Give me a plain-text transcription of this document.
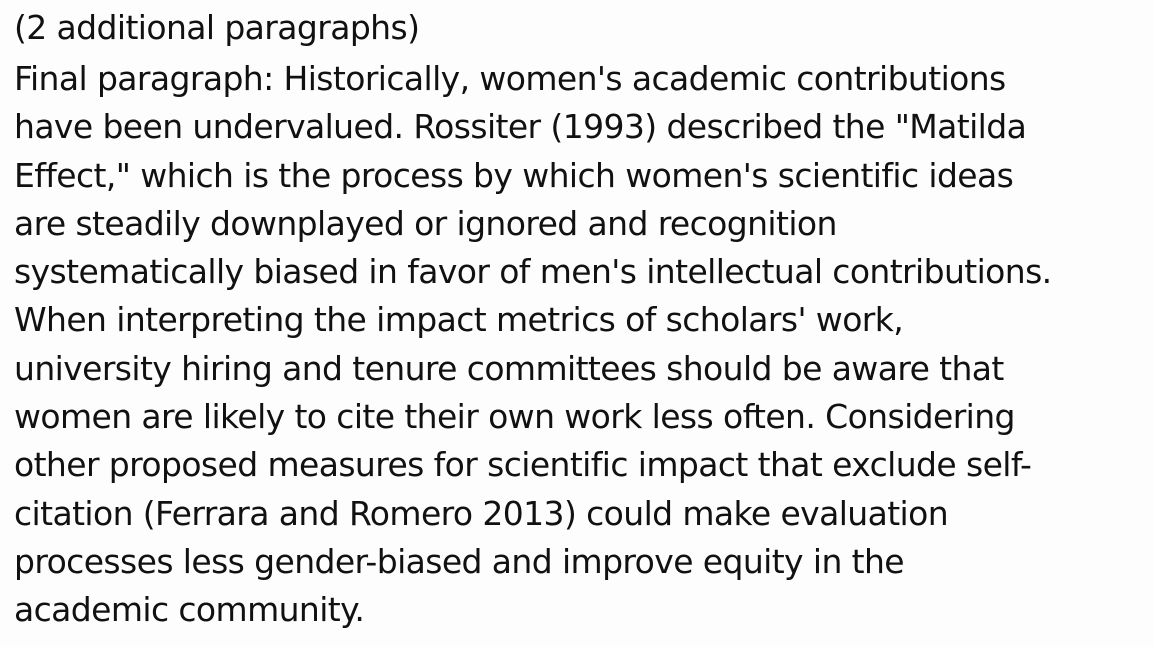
(2 additional paragraphs)
Final paragraph: Historically, women's academic contributions
have been undervalued. Rossiter (1993) described the "Matilda
Effect," which is the process by which women's scientific ideas
are steadily downplayed or ignored and recognition
systematically biased in favor of men's intellectual contributions.
When interpreting the impact metrics of scholars' work,
university hiring and tenure committees should be aware that
women are likely to cite their own work less often. Considering
other proposed measures for scientific impact that exclude self-
citation (Ferrara and Romero 2013) could make evaluation
processes less gender-biased and improve equity in the
academic community.
